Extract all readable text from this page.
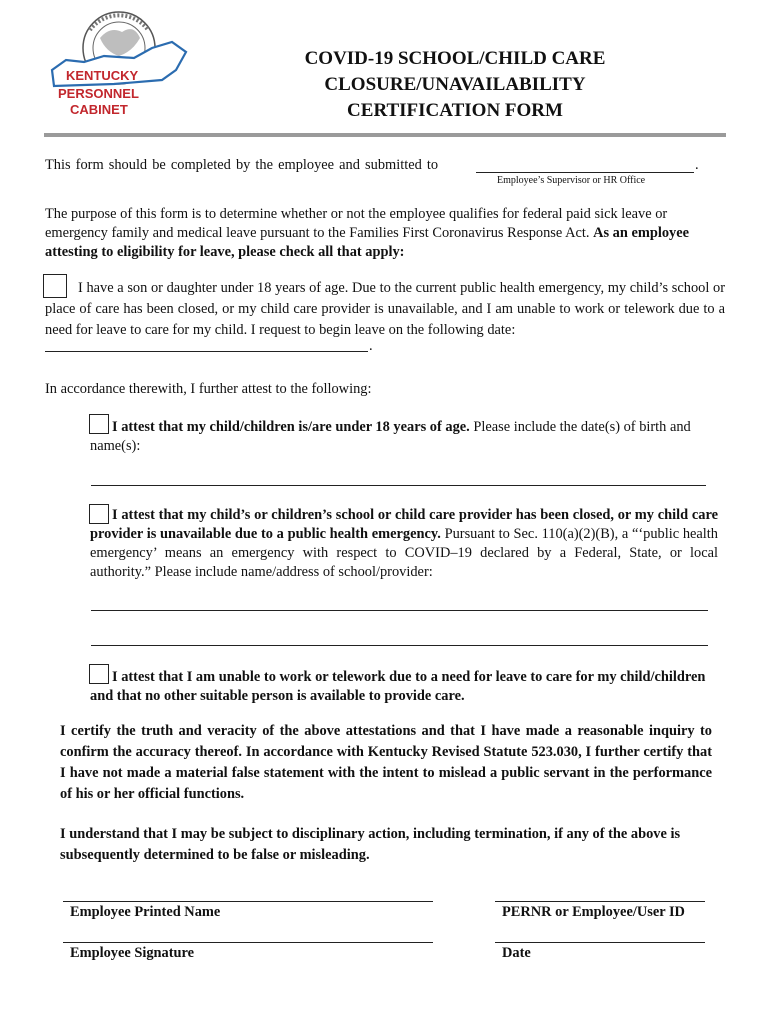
KENTUCKY
PERSONNEL
CABINET
COVID-19 SCHOOL/CHILD CARE
CLOSURE/UNAVAILABILITY
CERTIFICATION FORM
This form should be completed by the employee and submitted to	.
Employee’s Supervisor or HR Office
The purpose of this form is to determine whether or not the employee qualifies for federal paid sick leave or emergency family and medical leave pursuant to the Families First Coronavirus Response Act. As an employee attesting to eligibility for leave, please check all that apply:
I have a son or daughter under 18 years of age. Due to the current public health emergency, my child’s school or place of care has been closed, or my child care provider is unavailable, and I am unable to work or telework due to a need for leave to care for my child. I request to begin leave on the following date:
.
In accordance therewith, I further attest to the following:
I attest that my child/children is/are under 18 years of age. Please include the date(s) of birth and name(s):
I attest that my child’s or children’s school or child care provider has been closed, or my child care provider is unavailable due to a public health emergency. Pursuant to Sec. 110(a)(2)(B), a “‘public health emergency’ means an emergency with respect to COVID–19 declared by a Federal, State, or local authority.” Please include name/address of school/provider:
I attest that I am unable to work or telework due to a need for leave to care for my child/children and that no other suitable person is available to provide care.
I certify the truth and veracity of the above attestations and that I have made a reasonable inquiry to confirm the accuracy thereof. In accordance with Kentucky Revised Statute 523.030, I further certify that I have not made a material false statement with the intent to mislead a public servant in the performance of his or her official functions.
I understand that I may be subject to disciplinary action, including termination, if any of the above is subsequently determined to be false or misleading.
Employee Printed Name	PERNR or Employee/User ID
Employee Signature	Date
